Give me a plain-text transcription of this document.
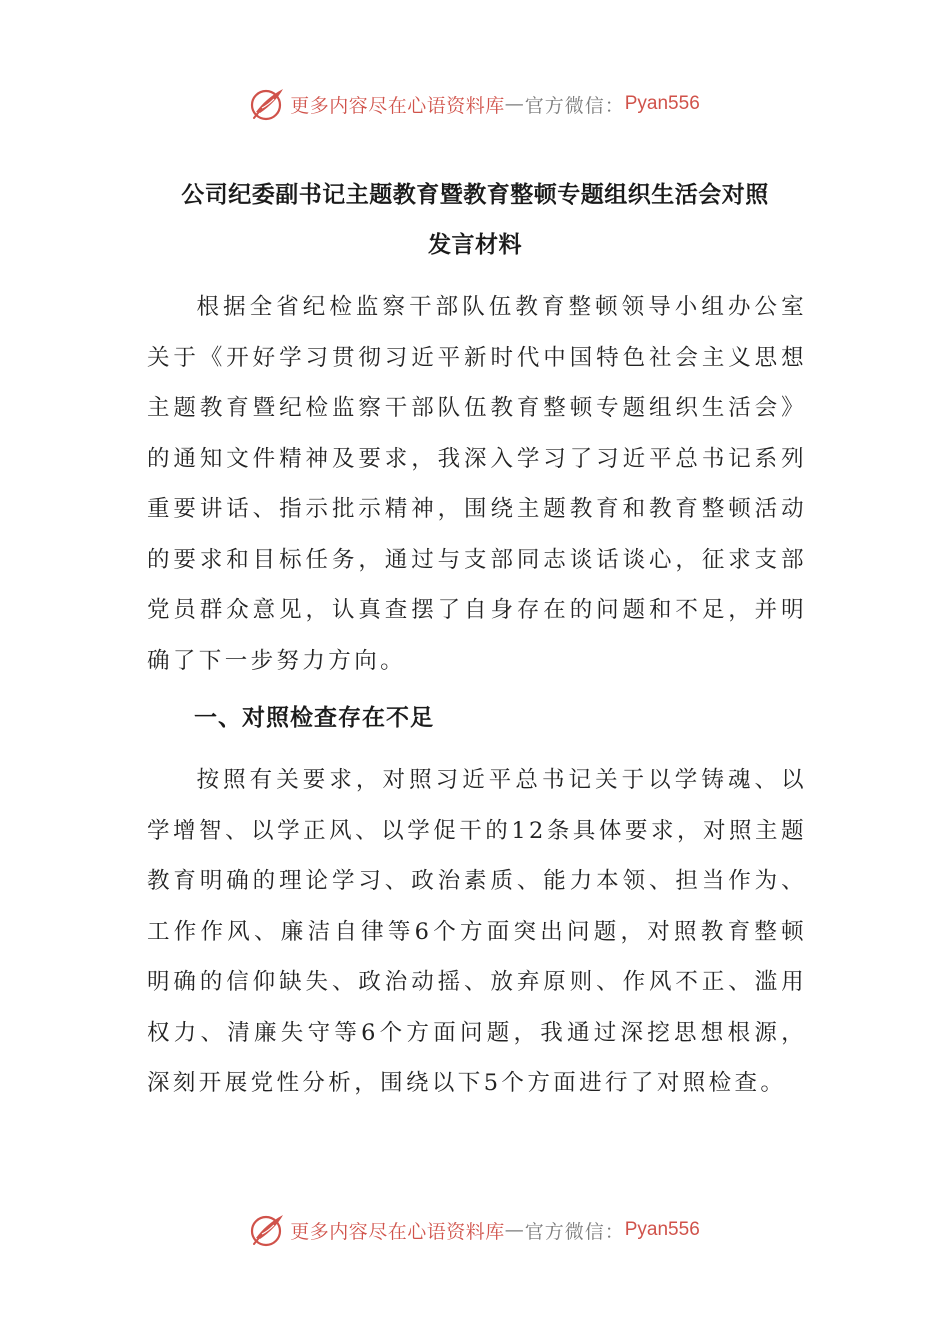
更多内容尽在心语资料库 — 官方微信： Pyan556
公司纪委副书记主题教育暨教育整顿专题组织生活会对照
发言材料

根据全省纪检监察干部队伍教育整顿领导小组办公室关于《开好学习贯彻习近平新时代中国特色社会主义思想主题教育暨纪检监察干部队伍教育整顿专题组织生活会》的通知文件精神及要求，我深入学习了习近平总书记系列重要讲话、指示批示精神，围绕主题教育和教育整顿活动的要求和目标任务，通过与支部同志谈话谈心，征求支部党员群众意见，认真查摆了自身存在的问题和不足，并明确了下一步努力方向。

一、对照检查存在不足

按照有关要求，对照习近平总书记关于以学铸魂、以学增智、以学正风、以学促干的12条具体要求，对照主题教育明确的理论学习、政治素质、能力本领、担当作为、工作作风、廉洁自律等6个方面突出问题，对照教育整顿明确的信仰缺失、政治动摇、放弃原则、作风不正、滥用权力、清廉失守等6个方面问题，我通过深挖思想根源，深刻开展党性分析，围绕以下5个方面进行了对照检查。

更多内容尽在心语资料库 — 官方微信： Pyan556
